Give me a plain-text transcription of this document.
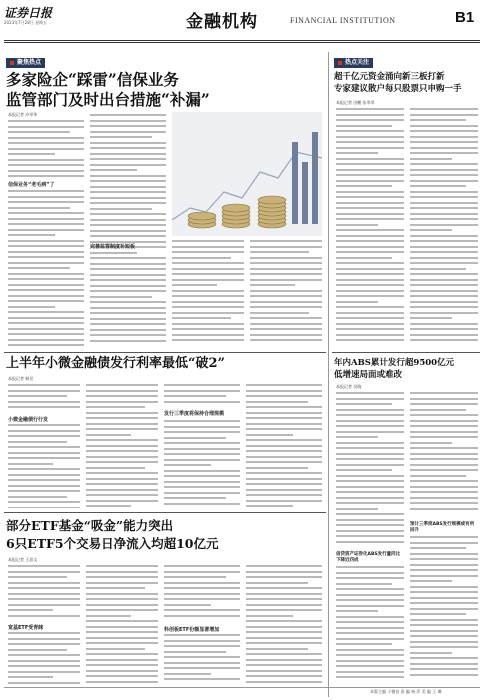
证券日报
2023年7月28日 星期五	金融机构	FINANCIAL INSTITUTION	B1
聚焦热点
多家险企“踩雷”信保业务
监管部门及时出台措施“补漏”
本报记者 冷翠华
信保业务“老毛病”了
完善监管制度补短板
热点关注
超千亿元资金涌向新三板打新
专家建议散户每只股票只申购一手
本报记者 田鹏 张翠翠
上半年小微金融债发行利率最低“破2”
本报记者 韩昱
小微金融债行行发
发行三季度将保持合理规模
年内ABS累计发行超9500亿元
低增速局面或难改
本报记者 吴晓
信贷资产证券化ABS发行量同比下降近四成
预计三季度ABS发行规模或有所回升
部分ETF基金“吸金”能力突出
6只ETF5个交易日净流入均超10亿元
本报记者 王思文
宽基ETF受青睐	科创板ETF份额显著增加
本版主编 于德良 责 编 杨 萍 美 编 王 琳
